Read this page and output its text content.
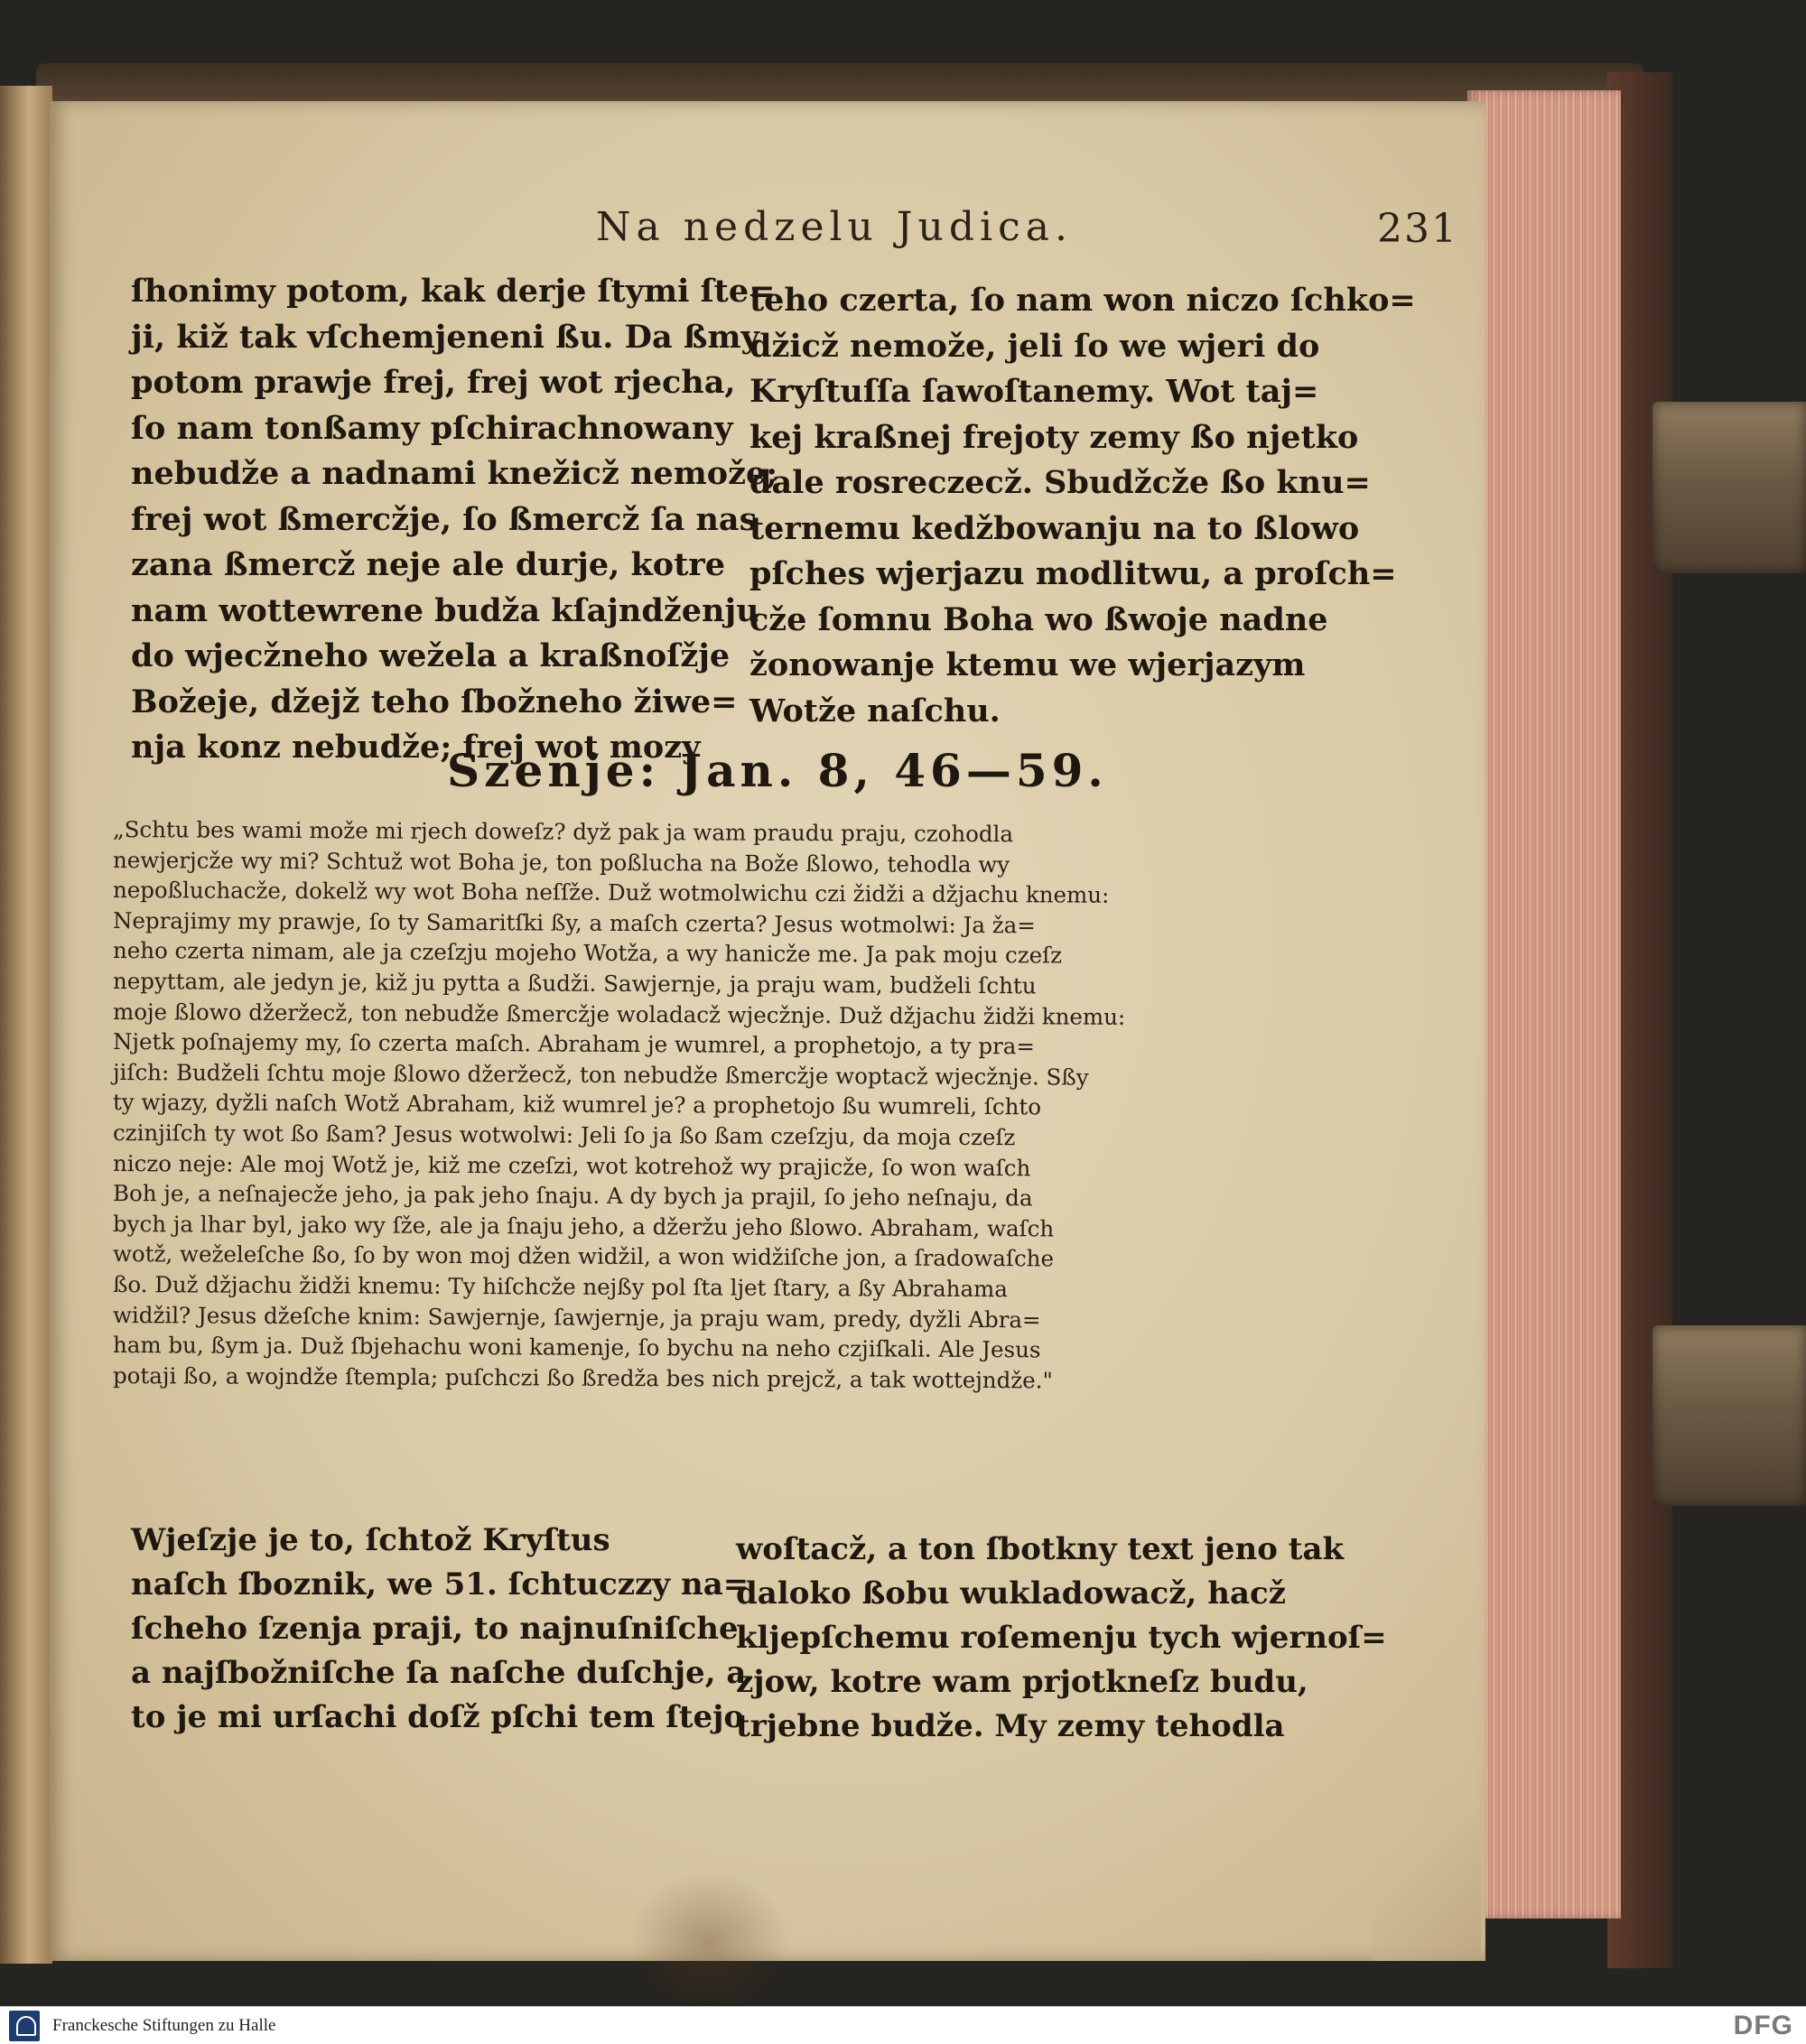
Na nedzelu Judica.	231

ſhonimy potom, kak derje ſtymi ſte=

ji, kiž tak vſchemjeneni ßu. Da ßmy

potom prawje frej, frej wot rjecha,

ſo nam tonßamy pſchirachnowany

nebudže a nadnami knežicž nemože;

frej wot ßmercžje, ſo ßmercž ſa nas

zana ßmercž neje ale durje, kotre

nam wottewrene budža kſajndženju

do wjecžneho wežela a kraßnoſžje

Božeje, džejž teho ſbožneho žiwe=

nja konz nebudže; frej wot mozy

teho czerta, ſo nam won niczo ſchko=

džicž nemože, jeli ſo we wjeri do

Kryſtuſſa ſawoſtanemy. Wot taj=

kej kraßnej frejoty zemy ßo njetko

dale rosreczecž. Sbudžcže ßo knu=

ternemu kedžbowanju na to ßlowo

pſches wjerjazu modlitwu, a proſch=

cže ſomnu Boha wo ßwoje nadne

žonowanje ktemu we wjerjazym

Wotže naſchu.

Szenje: Jan. 8, 46—59.

„Schtu bes wami može mi rjech doweſz? dyž pak ja wam praudu praju, czohodla

newjerjcže wy mi? Schtuž wot Boha je, ton poßlucha na Bože ßlowo, tehodla wy

nepoßluchacže, dokelž wy wot Boha neſſže. Duž wotmolwichu czi židži a džjachu knemu:

Neprajimy my prawje, ſo ty Samaritſki ßy, a maſch czerta? Jesus wotmolwi: Ja ža=

neho czerta nimam, ale ja czeſzju mojeho Wotža, a wy hanicže me. Ja pak moju czeſz

nepyttam, ale jedyn je, kiž ju pytta a ßudži. Sawjernje, ja praju wam, budželi ſchtu

moje ßlowo džeržecž, ton nebudže ßmercžje woladacž wjecžnje. Duž džjachu židži knemu:

Njetk poſnajemy my, ſo czerta maſch. Abraham je wumrel, a prophetojo, a ty pra=

jiſch: Budželi ſchtu moje ßlowo džeržecž, ton nebudže ßmercžje woptacž wjecžnje. Sßy

ty wjazy, dyžli naſch Wotž Abraham, kiž wumrel je? a prophetojo ßu wumreli, ſchto

czinjiſch ty wot ßo ßam? Jesus wotwolwi: Jeli ſo ja ßo ßam czeſzju, da moja czeſz

niczo neje: Ale moj Wotž je, kiž me czeſzi, wot kotrehož wy prajicže, ſo won waſch

Boh je, a neſnajecže jeho, ja pak jeho ſnaju. A dy bych ja prajil, ſo jeho neſnaju, da

bych ja lhar byl, jako wy ſže, ale ja ſnaju jeho, a džeržu jeho ßlowo. Abraham, waſch

wotž, weželeſche ßo, ſo by won moj džen widžil, a won widžiſche jon, a ſradowaſche

ßo. Duž džjachu židži knemu: Ty hiſchcže nejßy pol ſta ljet ſtary, a ßy Abrahama

widžil? Jesus džeſche knim: Sawjernje, ſawjernje, ja praju wam, predy, dyžli Abra=

ham bu, ßym ja. Duž ſbjehachu woni kamenje, ſo bychu na neho czjiſkali. Ale Jesus

potaji ßo, a wojndže ſtempla; puſchczi ßo ßredža bes nich prejcž, a tak wottejndže."

Wjeſzje je to, ſchtož Kryſtus

naſch ſboznik, we 51. ſchtuczzy na=

ſcheho ſzenja praji, to najnuſniſche

a najſbožniſche ſa naſche duſchje, a

to je mi urſachi doſž pſchi tem ſtejo

woſtacž, a ton ſbotkny text jeno tak

daloko ßobu wukladowacž, hacž

kljepſchemu roſemenju tych wjernoſ=

zjow, kotre wam prjotkneſz budu,

trjebne budže. My zemy tehodla

Franckesche Stiftungen zu Halle	DFG
